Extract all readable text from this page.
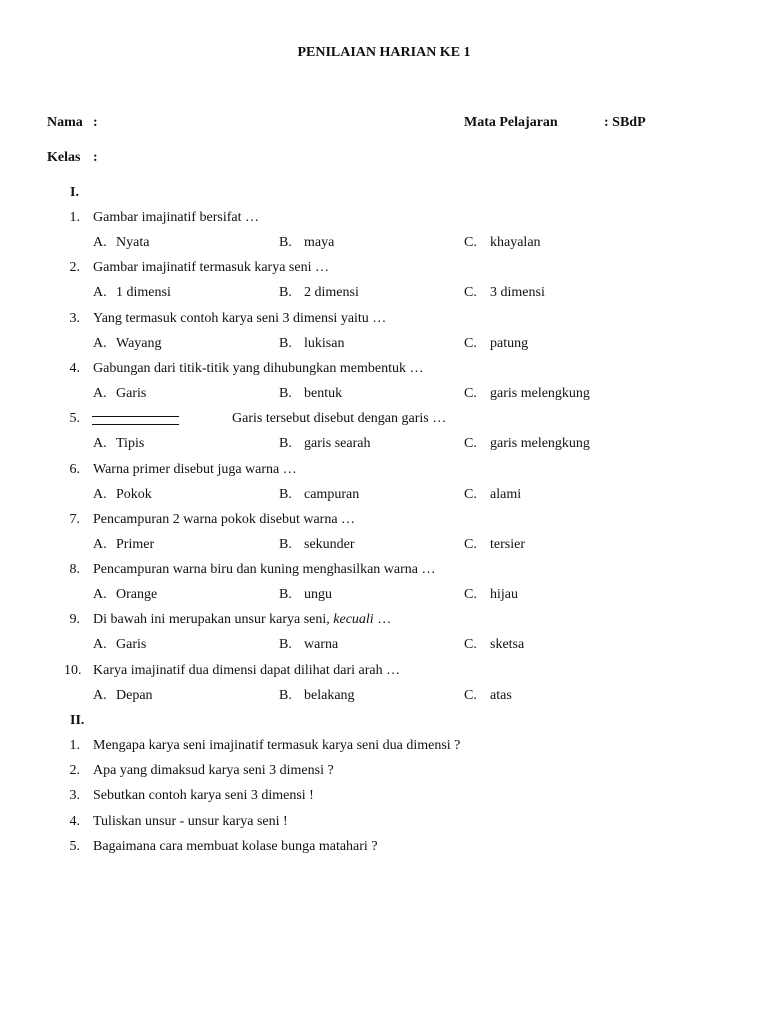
PENILAIAN HARIAN KE 1
Nama :	Mata Pelajaran	: SBdP
Kelas :
I.
1. Gambar imajinatif bersifat …
A. Nyata	B. maya	C. khayalan
2. Gambar imajinatif termasuk karya seni …
A. 1 dimensi	B. 2 dimensi	C. 3 dimensi
3. Yang termasuk contoh karya seni 3 dimensi yaitu …
A. Wayang	B. lukisan	C. patung
4. Gabungan dari titik-titik yang dihubungkan membentuk …
A. Garis	B. bentuk	C. garis melengkung
5.	Garis tersebut disebut dengan garis …
A. Tipis	B. garis searah	C. garis melengkung
6. Warna primer disebut juga warna …
A. Pokok	B. campuran	C. alami
7. Pencampuran 2 warna pokok disebut warna …
A. Primer	B. sekunder	C. tersier
8. Pencampuran warna biru dan kuning menghasilkan warna …
A. Orange	B. ungu	C. hijau
9. Di bawah ini merupakan unsur karya seni, kecuali …
A. Garis	B. warna	C. sketsa
10. Karya imajinatif dua dimensi dapat dilihat dari arah …
A. Depan	B. belakang	C. atas
II.
1. Mengapa karya seni imajinatif termasuk karya seni dua dimensi ?
2. Apa yang dimaksud karya seni 3 dimensi ?
3. Sebutkan contoh karya seni 3 dimensi !
4. Tuliskan unsur - unsur karya seni !
5. Bagaimana cara membuat kolase bunga matahari ?
